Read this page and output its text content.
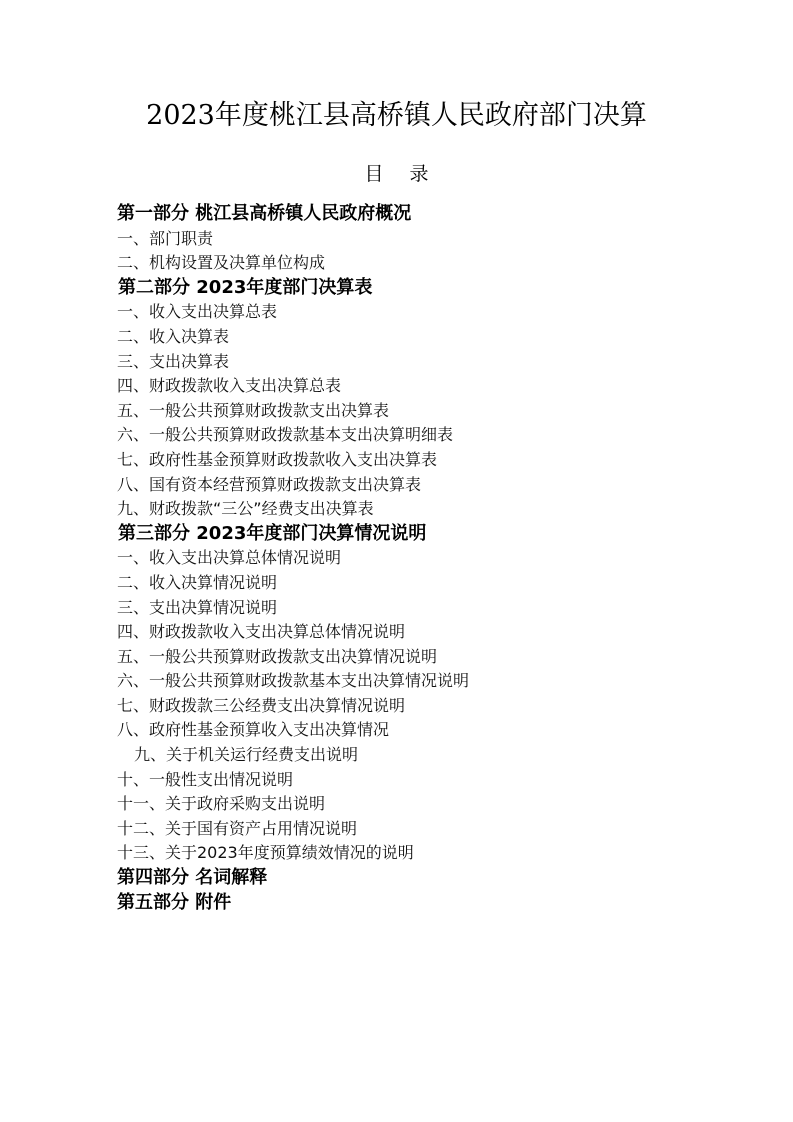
2023年度桃江县高桥镇人民政府部门决算
目 录
第一部分 桃江县高桥镇人民政府概况
一、部门职责
二、机构设置及决算单位构成
第二部分 2023年度部门决算表
一、收入支出决算总表
二、收入决算表
三、支出决算表
四、财政拨款收入支出决算总表
五、一般公共预算财政拨款支出决算表
六、一般公共预算财政拨款基本支出决算明细表
七、政府性基金预算财政拨款收入支出决算表
八、国有资本经营预算财政拨款支出决算表
九、财政拨款“三公”经费支出决算表
第三部分 2023年度部门决算情况说明
一、收入支出决算总体情况说明
二、收入决算情况说明
三、支出决算情况说明
四、财政拨款收入支出决算总体情况说明
五、一般公共预算财政拨款支出决算情况说明
六、一般公共预算财政拨款基本支出决算情况说明
七、财政拨款三公经费支出决算情况说明
八、政府性基金预算收入支出决算情况
九、关于机关运行经费支出说明
十、一般性支出情况说明
十一、关于政府采购支出说明
十二、关于国有资产占用情况说明
十三、关于2023年度预算绩效情况的说明
第四部分 名词解释
第五部分 附件
